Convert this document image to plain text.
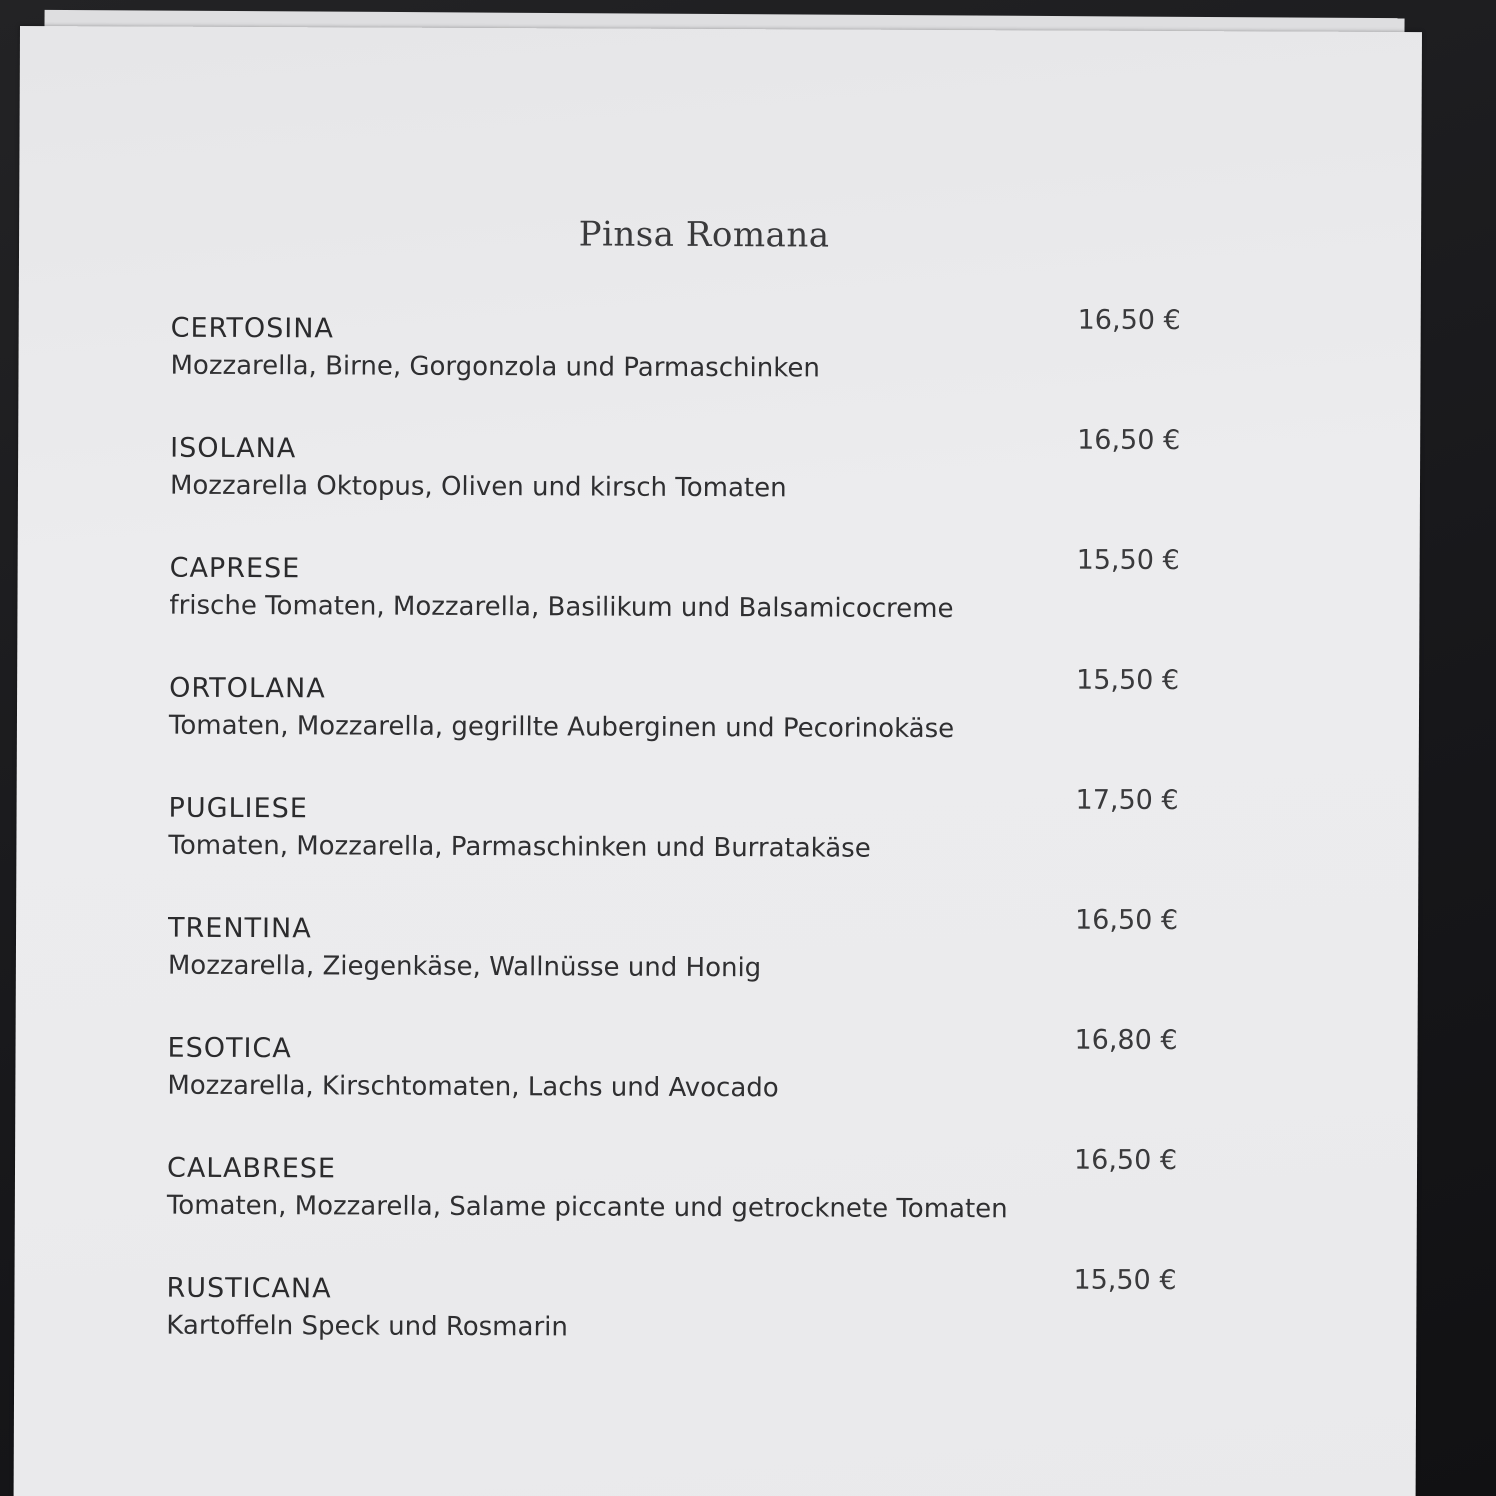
Pinsa Romana
CERTOSINA
Mozzarella, Birne, Gorgonzola und Parmaschinken
16,50 €
ISOLANA
Mozzarella Oktopus, Oliven und kirsch Tomaten
16,50 €
CAPRESE
frische Tomaten, Mozzarella, Basilikum und Balsamicocreme
15,50 €
ORTOLANA
Tomaten, Mozzarella, gegrillte Auberginen und Pecorinokäse
15,50 €
PUGLIESE
Tomaten, Mozzarella, Parmaschinken und Burratakäse
17,50 €
TRENTINA
Mozzarella, Ziegenkäse, Wallnüsse und Honig
16,50 €
ESOTICA
Mozzarella, Kirschtomaten, Lachs und Avocado
16,80 €
CALABRESE
Tomaten, Mozzarella, Salame piccante und getrocknete Tomaten
16,50 €
RUSTICANA
Kartoffeln Speck und Rosmarin
15,50 €
